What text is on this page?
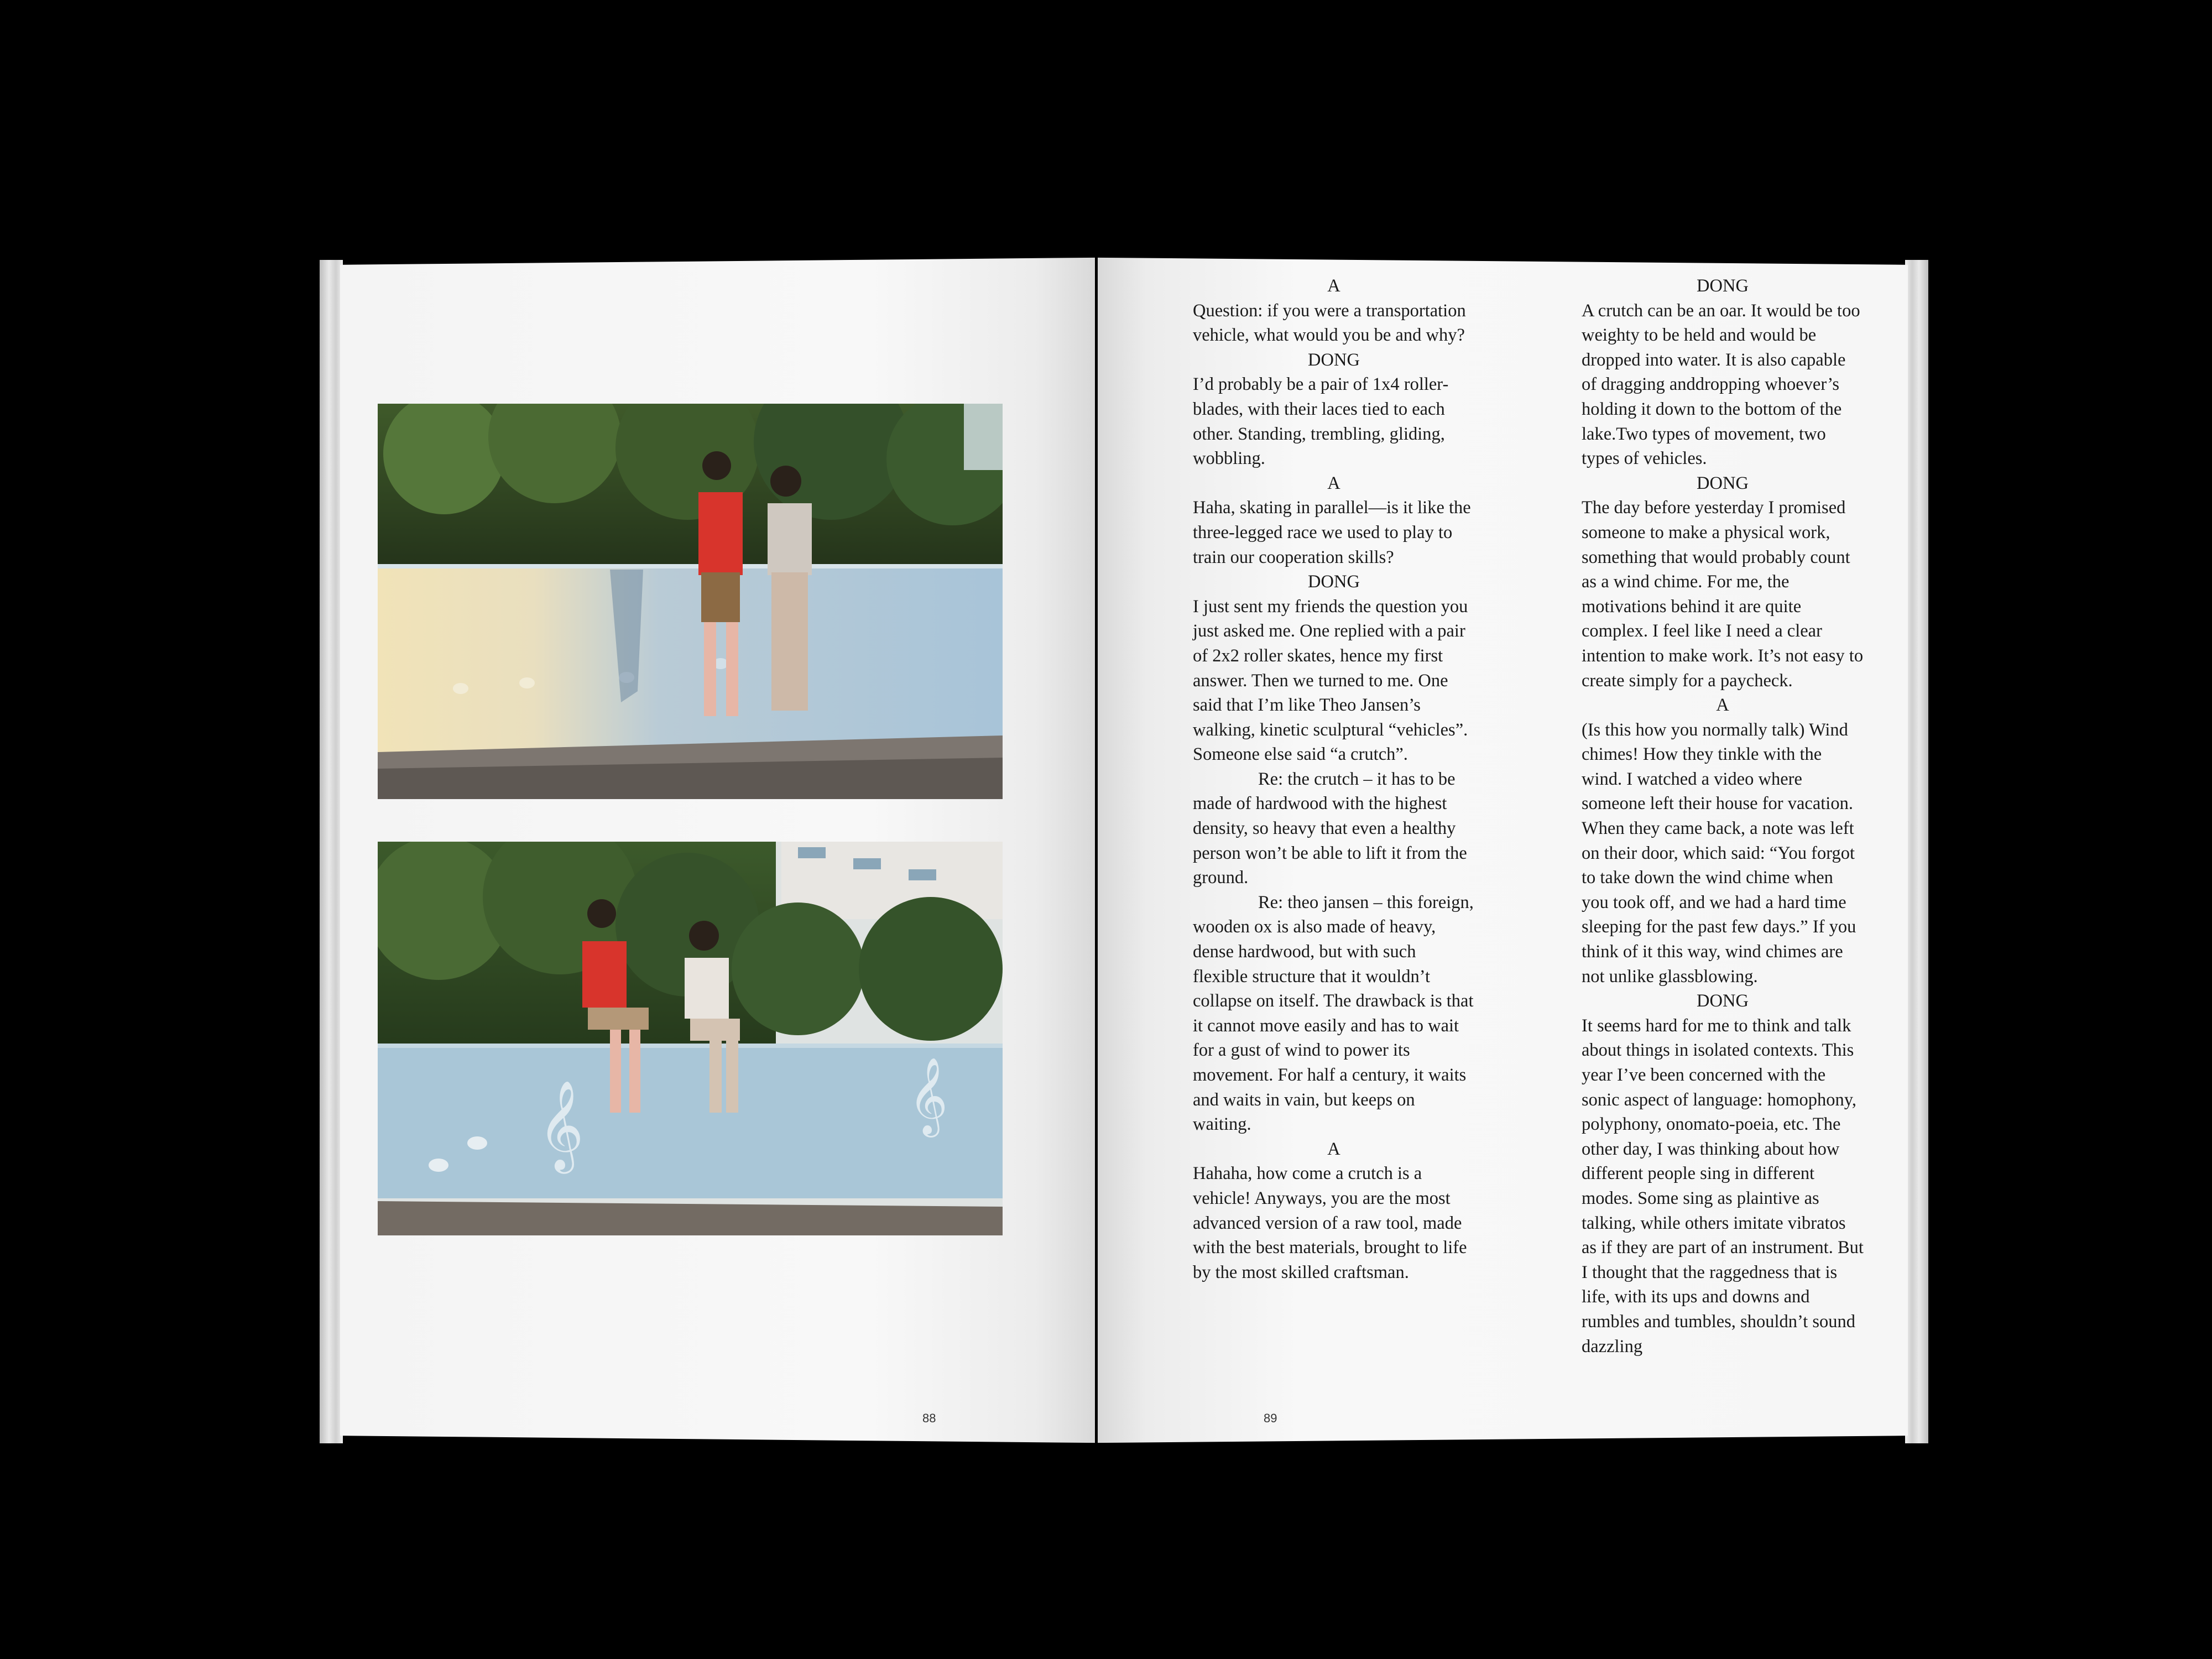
𝄞	𝄞
A

Question: if you were a transportation vehicle, what would you be and why?

DONG

I’d probably be a pair of 1x4 roller-blades, with their laces tied to each other. Standing, trembling, gliding, wobbling.

A

Haha, skating in parallel—is it like the three-legged race we used to play to train our cooperation skills?

DONG

I just sent my friends the question you just asked me. One replied with a pair of 2x2 roller skates, hence my first answer. Then we turned to me. One said that I’m like Theo Jansen’s walking, kinetic sculptural “vehicles”. Someone else said “a crutch”.

Re: the crutch – it has to be made of hardwood with the highest density, so heavy that even a healthy person won’t be able to lift it from the ground.

Re: theo jansen – this foreign, wooden ox is also made of heavy, dense hardwood, but with such flexible structure that it wouldn’t collapse on itself. The drawback is that it cannot move easily and has to wait for a gust of wind to power its movement. For half a century, it waits and waits in vain, but keeps on waiting.

A

Hahaha, how come a crutch is a vehicle! Anyways, you are the most advanced version of a raw tool, made with the best materials, brought to life by the most skilled craftsman.

DONG

A crutch can be an oar. It would be too weighty to be held and would be dropped into water. It is also capable of dragging anddropping whoever’s holding it down to the bottom of the lake.Two types of movement, two types of vehicles.

DONG

The day before yesterday I promised someone to make a physical work, something that would probably count as a wind chime. For me, the motivations behind it are quite complex. I feel like I need a clear intention to make work. It’s not easy to create simply for a paycheck.

A

(Is this how you normally talk) Wind chimes! How they tinkle with the wind. I watched a video where someone left their house for vacation. When they came back, a note was left on their door, which said: “You forgot to take down the wind chime when you took off, and we had a hard time sleeping for the past few days.” If you think of it this way, wind chimes are not unlike glassblowing.

DONG

It seems hard for me to think and talk about things in isolated contexts. This year I’ve been concerned with the sonic aspect of language: homophony, polyphony, onomato-poeia, etc. The other day, I was thinking about how different people sing in different modes. Some sing as plaintive as talking, while others imitate vibratos as if they are part of an instrument. But I thought that the raggedness that is life, with its ups and downs and rumbles and tumbles, shouldn’t sound dazzling

88	89
